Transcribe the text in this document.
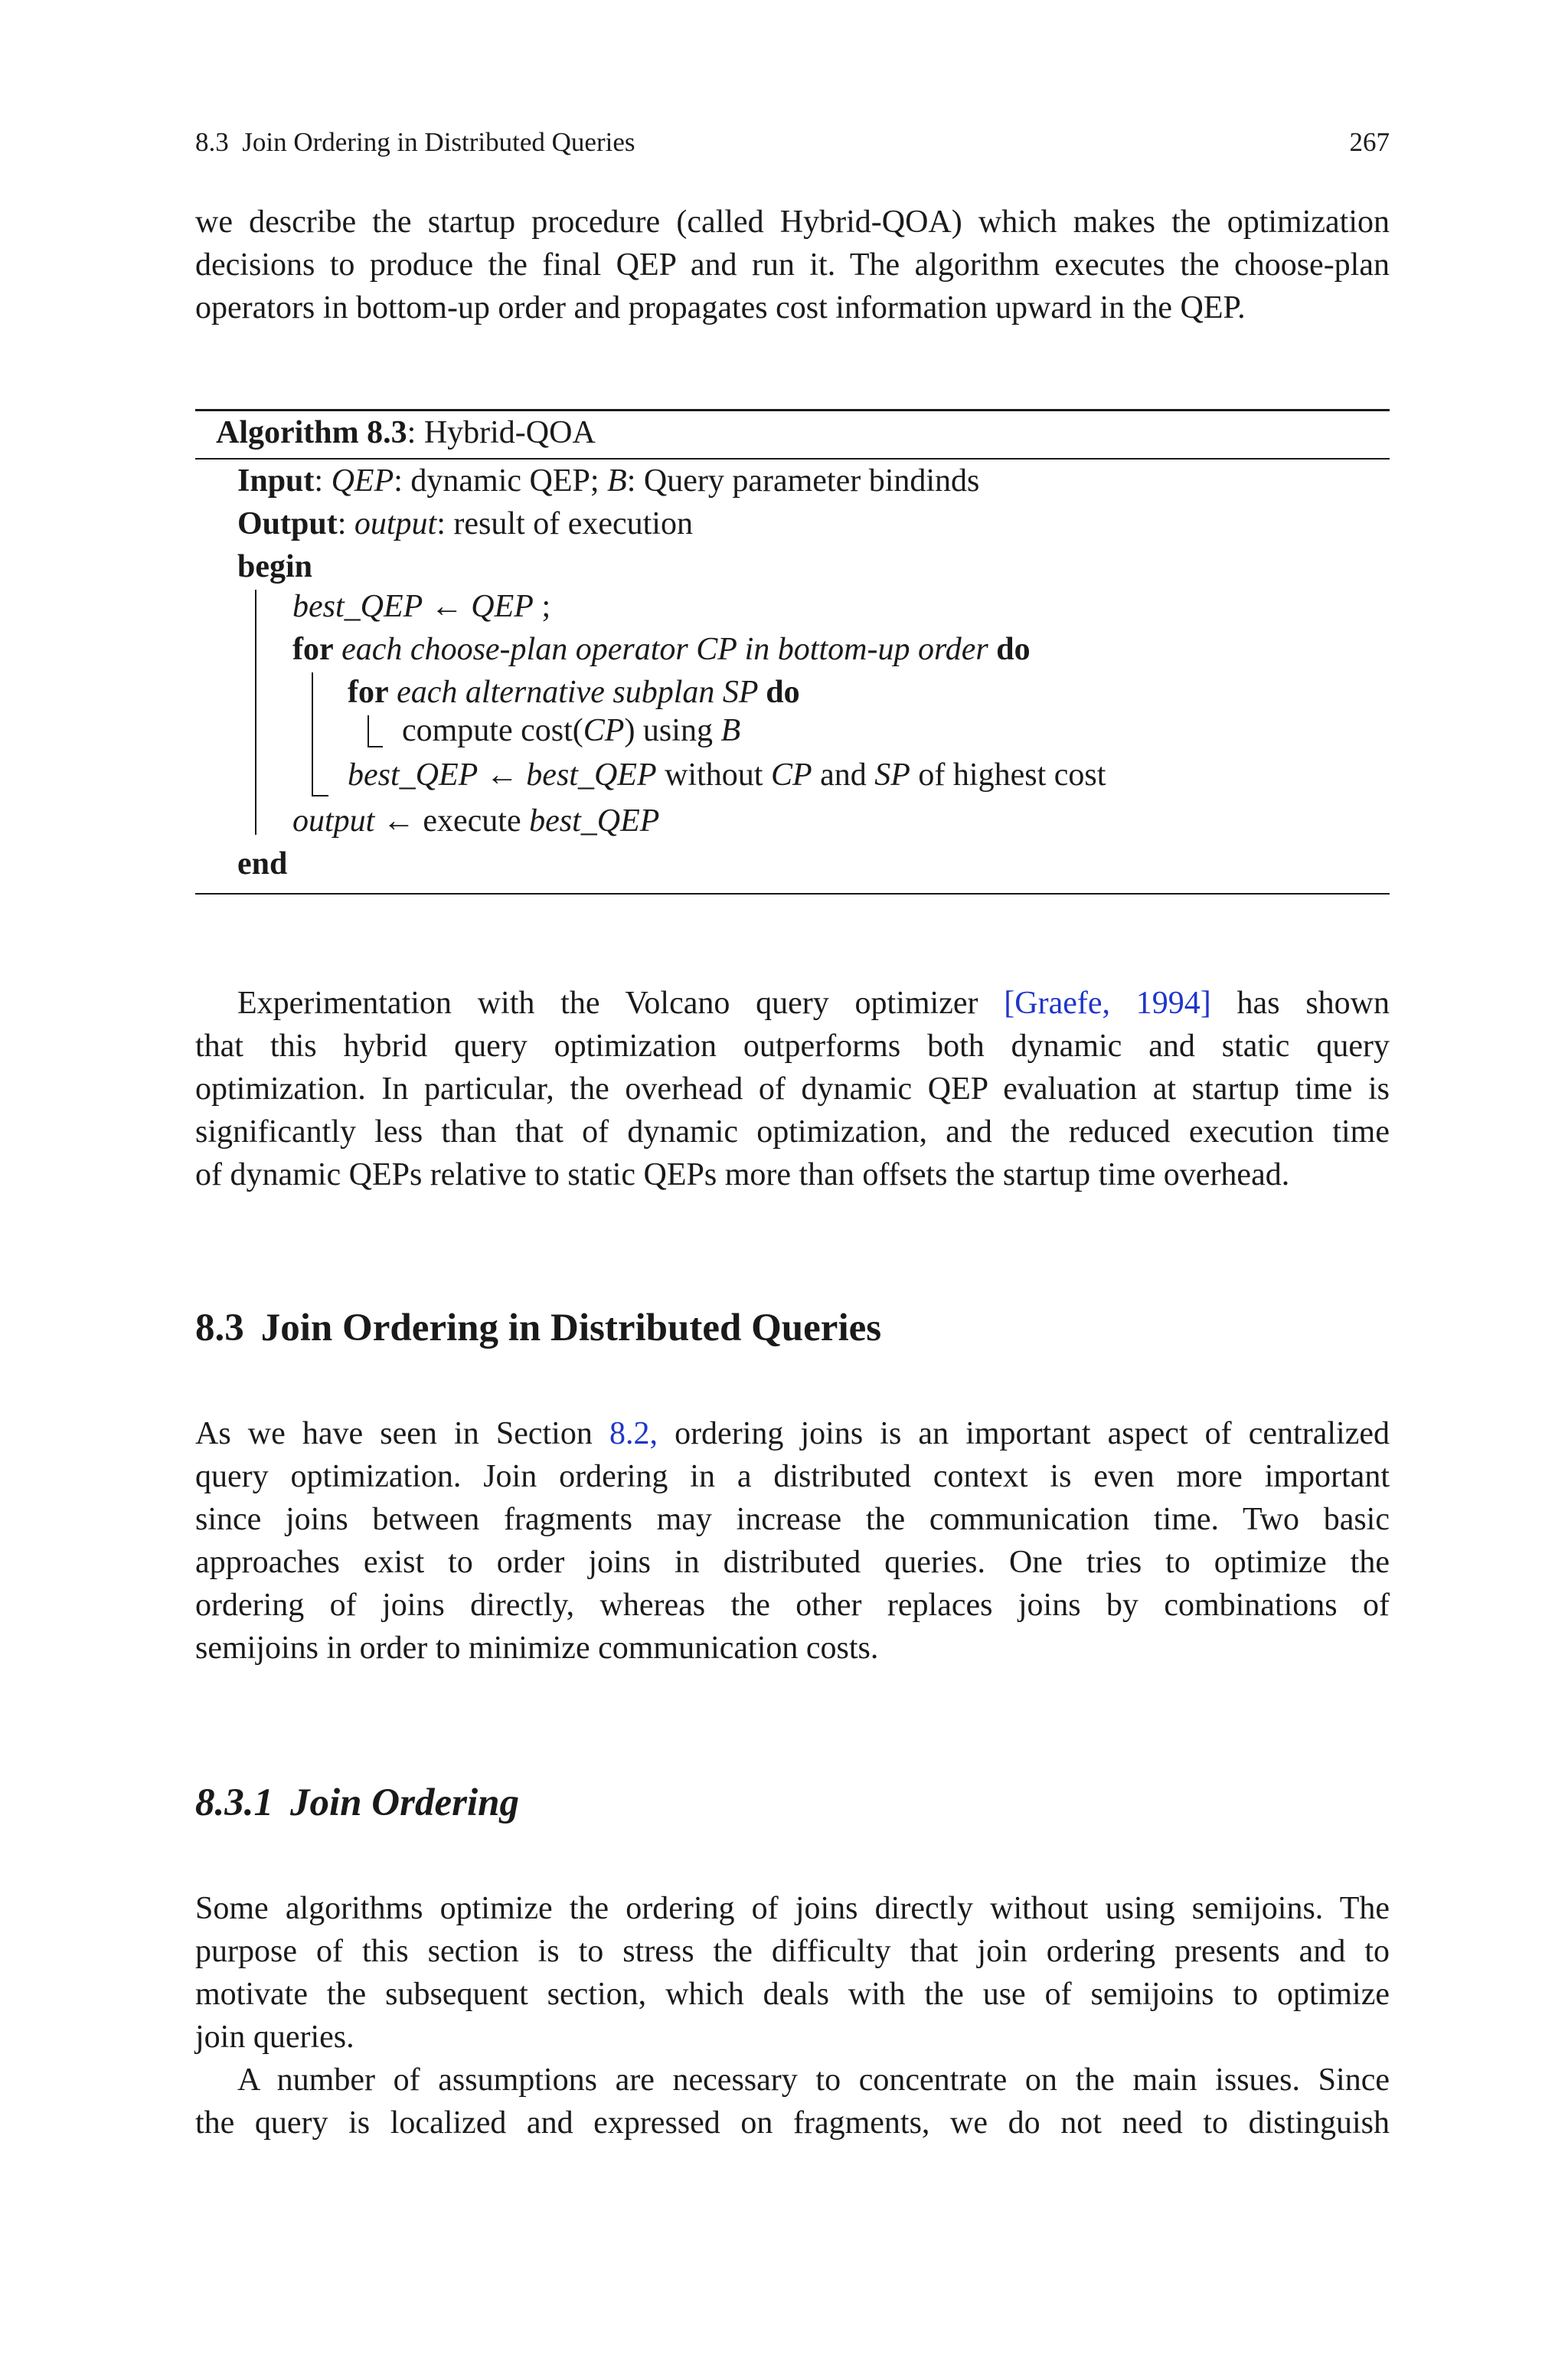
8.3  Join Ordering in Distributed Queries	267
we describe the startup procedure (called Hybrid-QOA) which makes the optimization
decisions to produce the final QEP and run it. The algorithm executes the choose-plan
operators in bottom-up order and propagates cost information upward in the QEP.
Algorithm 8.3: Hybrid-QOA
Input: QEP: dynamic QEP; B: Query parameter bindinds
Output: output: result of execution
begin
best_QEP ← QEP ;
for each choose-plan operator CP in bottom-up order do
for each alternative subplan SP do
compute cost(CP) using B
best_QEP ← best_QEP without CP and SP of highest cost
output ← execute best_QEP
end
Experimentation with the Volcano query optimizer [Graefe, 1994] has shown
that this hybrid query optimization outperforms both dynamic and static query
optimization. In particular, the overhead of dynamic QEP evaluation at startup time is
significantly less than that of dynamic optimization, and the reduced execution time
of dynamic QEPs relative to static QEPs more than offsets the startup time overhead.
8.3 Join Ordering in Distributed Queries
As we have seen in Section 8.2, ordering joins is an important aspect of centralized
query optimization. Join ordering in a distributed context is even more important
since joins between fragments may increase the communication time. Two basic
approaches exist to order joins in distributed queries. One tries to optimize the
ordering of joins directly, whereas the other replaces joins by combinations of
semijoins in order to minimize communication costs.
8.3.1 Join Ordering
Some algorithms optimize the ordering of joins directly without using semijoins. The
purpose of this section is to stress the difficulty that join ordering presents and to
motivate the subsequent section, which deals with the use of semijoins to optimize
join queries.
A number of assumptions are necessary to concentrate on the main issues. Since
the query is localized and expressed on fragments, we do not need to distinguish
